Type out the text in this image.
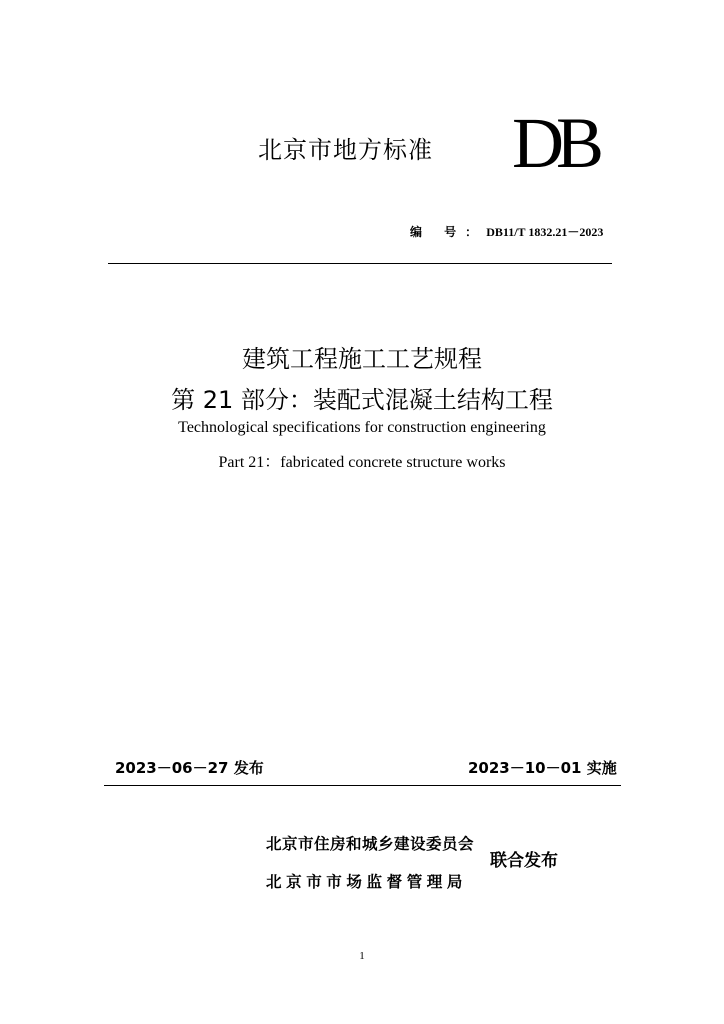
北京市地方标准 DB
编 号：DB11/T 1832.21－2023
建筑工程施工工艺规程
第 21 部分：装配式混凝土结构工程
Technological specifications for construction engineering
Part 21：fabricated concrete structure works
2023－06－27 发布	2023－10－01 实施
北京市住房和城乡建设委员会
北京市市场监督管理局
联合发布
1
